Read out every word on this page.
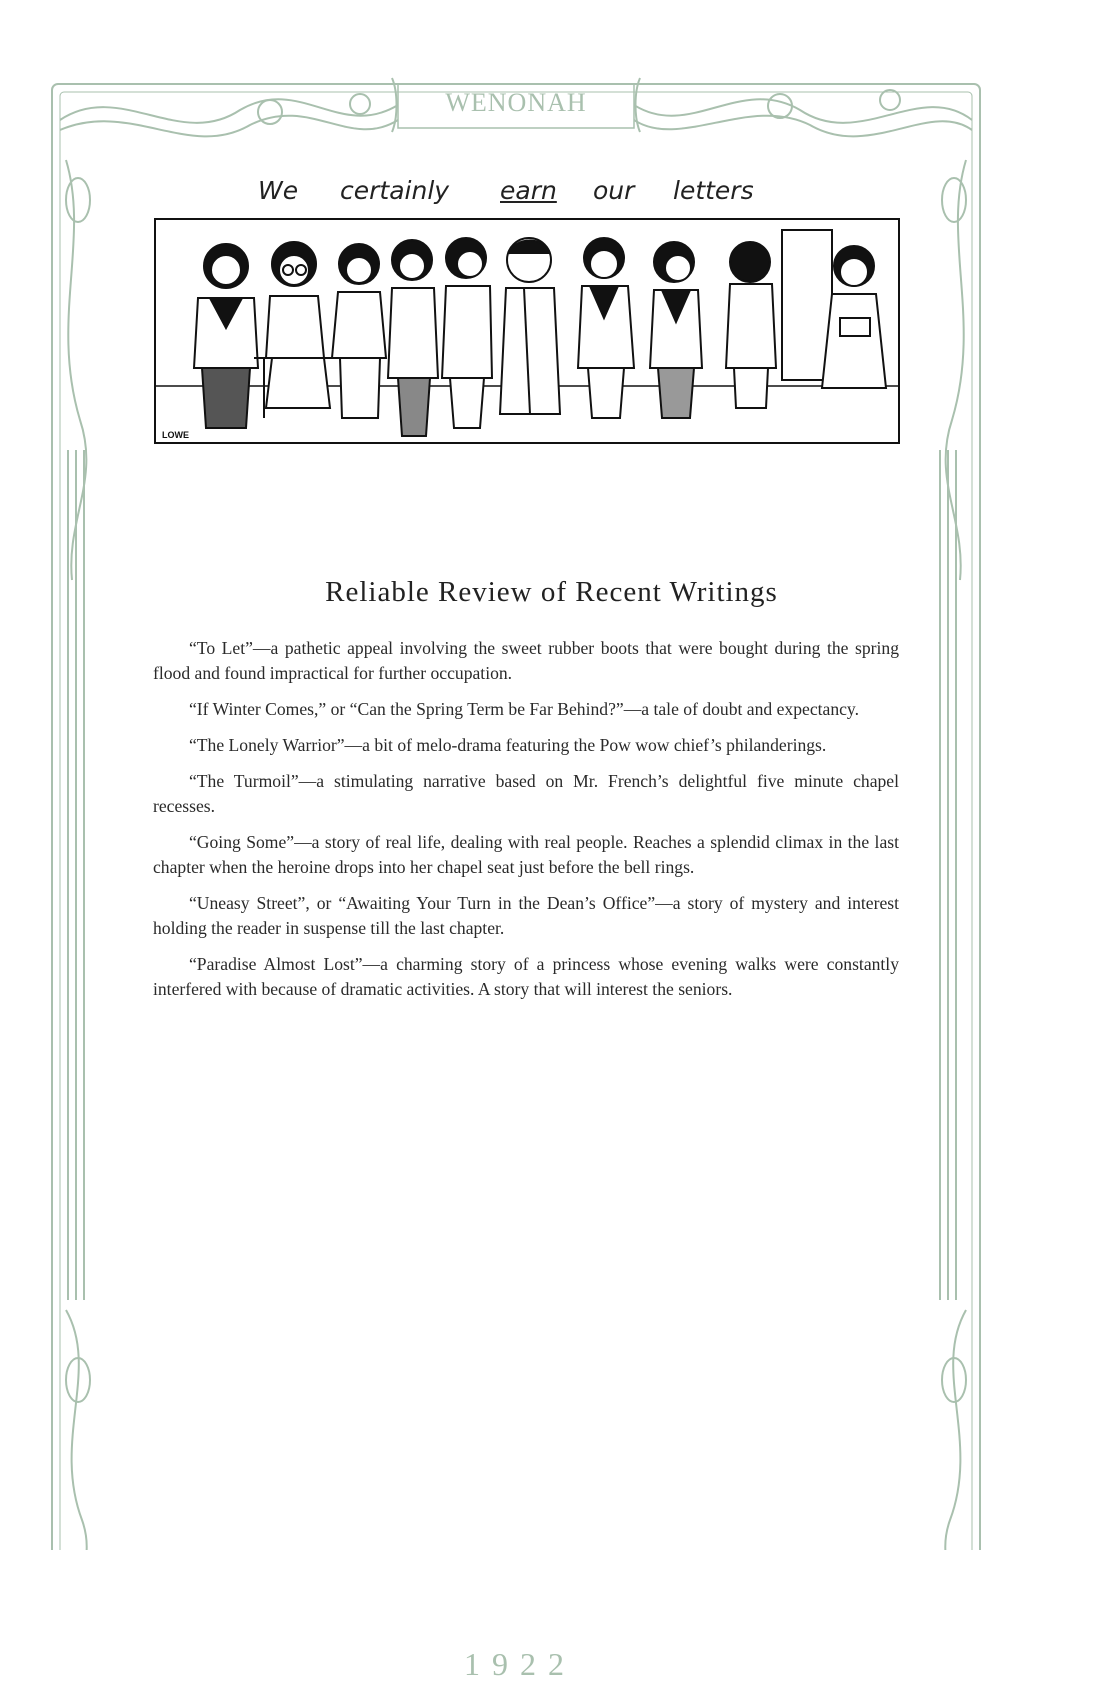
WENONAH
1922
We certainly earn our letters
LOWE
Reliable Review of Recent Writings

“To Let”—a pathetic appeal involving the sweet rubber boots that were bought during the spring flood and found impractical for further occupation.

“If Winter Comes,” or “Can the Spring Term be Far Behind?”—a tale of doubt and expectancy.

“The Lonely Warrior”—a bit of melo-drama featuring the Pow wow chief’s philanderings.

“The Turmoil”—a stimulating narrative based on Mr. French’s delightful five minute chapel recesses.

“Going Some”—a story of real life, dealing with real people. Reaches a splendid climax in the last chapter when the heroine drops into her chapel seat just before the bell rings.

“Uneasy Street”, or “Awaiting Your Turn in the Dean’s Office”—a story of mystery and interest holding the reader in suspense till the last chapter.

“Paradise Almost Lost”—a charming story of a princess whose evening walks were constantly interfered with because of dramatic activities. A story that will interest the seniors.
